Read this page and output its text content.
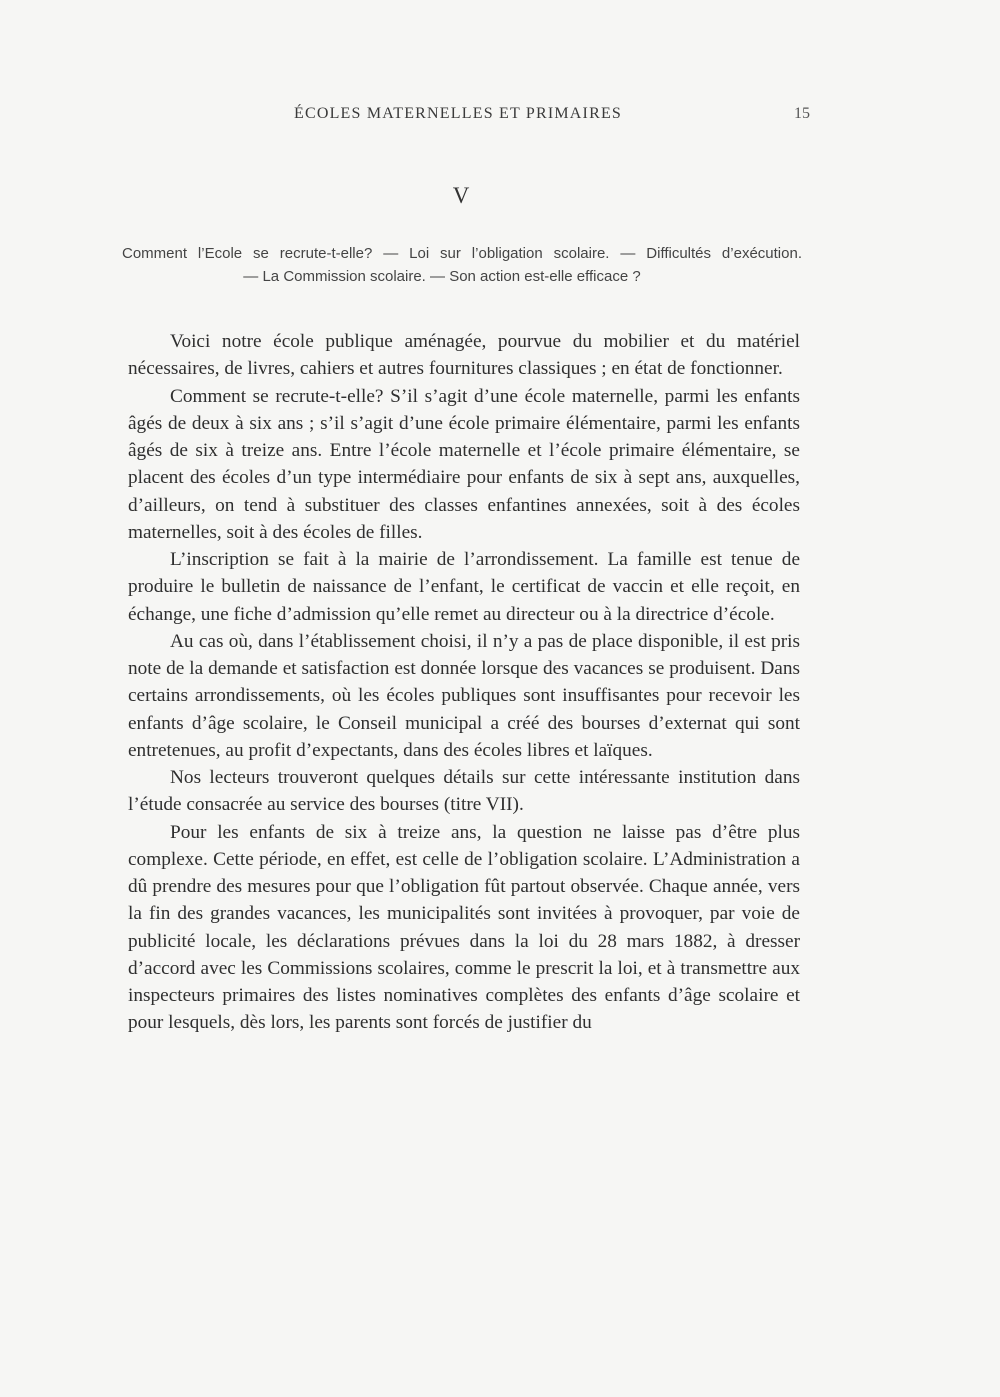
ÉCOLES MATERNELLES ET PRIMAIRES	15
V
Comment l’Ecole se recrute-t-elle? — Loi sur l’obligation scolaire. — Difficultés d’exécution.
— La Commission scolaire. — Son action est-elle efficace ?

Voici notre école publique aménagée, pourvue du mobilier et du matériel nécessaires, de livres, cahiers et autres fournitures classiques ; en état de fonctionner.

Comment se recrute-t-elle? S’il s’agit d’une école maternelle, parmi les enfants âgés de deux à six ans ; s’il s’agit d’une école primaire élémentaire, parmi les enfants âgés de six à treize ans. Entre l’école maternelle et l’école primaire élémentaire, se placent des écoles d’un type intermédiaire pour enfants de six à sept ans, auxquelles, d’ailleurs, on tend à substituer des classes enfantines annexées, soit à des écoles maternelles, soit à des écoles de filles.

L’inscription se fait à la mairie de l’arrondissement. La famille est tenue de produire le bulletin de naissance de l’enfant, le certificat de vaccin et elle reçoit, en échange, une fiche d’admission qu’elle remet au directeur ou à la directrice d’école.

Au cas où, dans l’établissement choisi, il n’y a pas de place disponible, il est pris note de la demande et satisfaction est donnée lorsque des vacances se produisent. Dans certains arrondissements, où les écoles publiques sont insuffisantes pour recevoir les enfants d’âge scolaire, le Conseil municipal a créé des bourses d’externat qui sont entretenues, au profit d’expectants, dans des écoles libres et laïques.

Nos lecteurs trouveront quelques détails sur cette intéressante institution dans l’étude consacrée au service des bourses (titre VII).

Pour les enfants de six à treize ans, la question ne laisse pas d’être plus complexe. Cette période, en effet, est celle de l’obligation scolaire. L’Administration a dû prendre des mesures pour que l’obligation fût partout observée. Chaque année, vers la fin des grandes vacances, les municipalités sont invitées à provoquer, par voie de publicité locale, les déclarations prévues dans la loi du 28 mars 1882, à dresser d’accord avec les Commissions scolaires, comme le prescrit la loi, et à transmettre aux inspecteurs primaires des listes nominatives complètes des enfants d’âge scolaire et pour lesquels, dès lors, les parents sont forcés de justifier du
